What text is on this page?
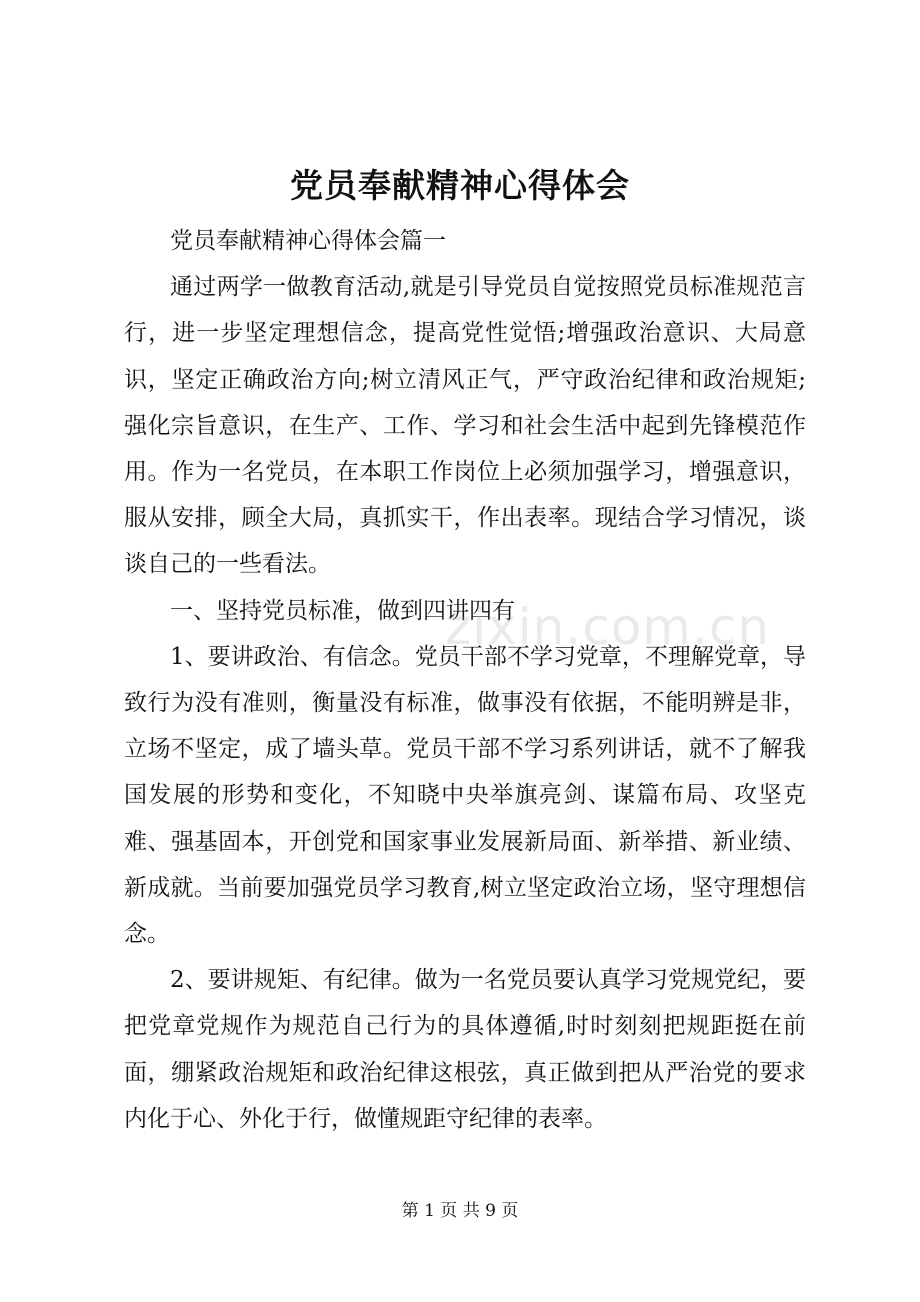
党员奉献精神心得体会

党员奉献精神心得体会篇一

通过两学一做教育活动,就是引导党员自觉按照党员标准规范言行，进一步坚定理想信念，提高党性觉悟;增强政治意识、大局意识，坚定正确政治方向;树立清风正气，严守政治纪律和政治规矩;强化宗旨意识，在生产、工作、学习和社会生活中起到先锋模范作用。作为一名党员，在本职工作岗位上必须加强学习，增强意识，服从安排，顾全大局，真抓实干，作出表率。现结合学习情况，谈谈自己的一些看法。

一、坚持党员标准，做到四讲四有

1、要讲政治、有信念。党员干部不学习党章，不理解党章，导致行为没有准则，衡量没有标准，做事没有依据，不能明辨是非，立场不坚定，成了墙头草。党员干部不学习系列讲话，就不了解我国发展的形势和变化，不知晓中央举旗亮剑、谋篇布局、攻坚克难、强基固本，开创党和国家事业发展新局面、新举措、新业绩、新成就。当前要加强党员学习教育,树立坚定政治立场，坚守理想信念。

2、要讲规矩、有纪律。做为一名党员要认真学习党规党纪，要把党章党规作为规范自己行为的具体遵循,时时刻刻把规距挺在前面，绷紧政治规矩和政治纪律这根弦，真正做到把从严治党的要求内化于心、外化于行，做懂规距守纪律的表率。

zixin.com.cn
第 1 页 共 9 页
